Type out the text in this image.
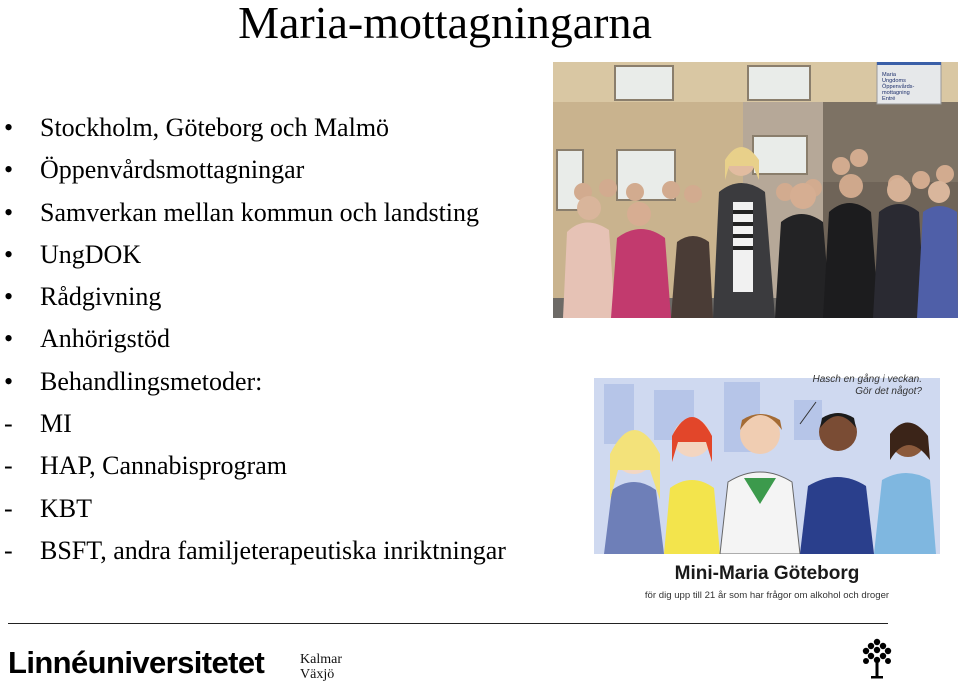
Maria-mottagningarna
•	Stockholm, Göteborg och Malmö
•	Öppenvårdsmottagningar
•	Samverkan mellan kommun och landsting
•	UngDOK
•	Rådgivning
•	Anhörigstöd
•	Behandlingsmetoder:
-	MI
-	HAP, Cannabisprogram
-	KBT
-	BSFT, andra familjeterapeutiska inriktningar
Maria Ungdoms Öppenvårds- mottagning Entré
Hasch en gång i veckan.
Gör det något?
Mini-Maria Göteborg
för dig upp till 21 år som har frågor om alkohol och droger
Linnéuniversitetet	Kalmar
Växjö
